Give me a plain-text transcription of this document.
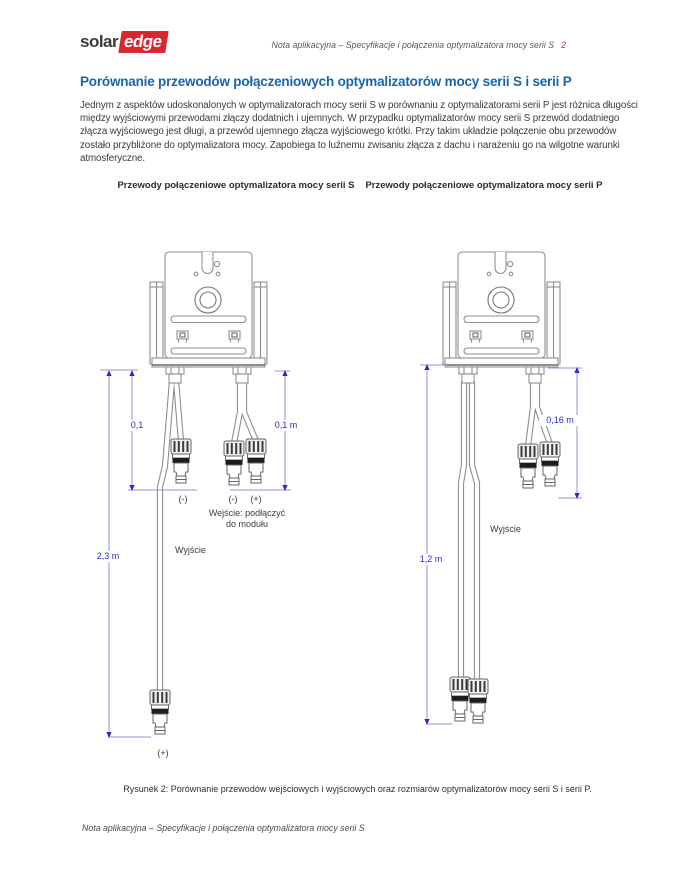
solar edge	Nota aplikacyjna – Specyfikacje i połączenia optymalizatora mocy serii S 2
Porównanie przewodów połączeniowych optymalizatorów mocy serii S i serii P
Jednym z aspektów udoskonalonych w optymalizatorach mocy serii S w porównaniu z optymalizatorami serii P jest różnica długości między wyjściowymi przewodami złączy dodatnich i ujemnych. W przypadku optymalizatorów mocy serii S przewód dodatniego złącza wyjściowego jest długi, a przewód ujemnego złącza wyjściowego krótki. Przy takim układzie połączenie obu przewodów zostało przybliżone do optymalizatora mocy. Zapobiega to luźnemu zwisaniu złącza z dachu i narażeniu go na wilgotne warunki atmosferyczne.
Przewody połączeniowe optymalizatora mocy serii S	Przewody połączeniowe optymalizatora mocy serii P
0,1	0,1 m
2,3 m
(-)	(-)	(+)
Wejście: podłączyć
do modułu
Wyjście
(+)
0,16 m
Wyjście
1,2 m
Rysunek 2: Porównanie przewodów wejściowych i wyjściowych oraz rozmiarów optymalizatorów mocy serii S i serii P.
Nota aplikacyjna – Specyfikacje i połączenia optymalizatora mocy serii S
